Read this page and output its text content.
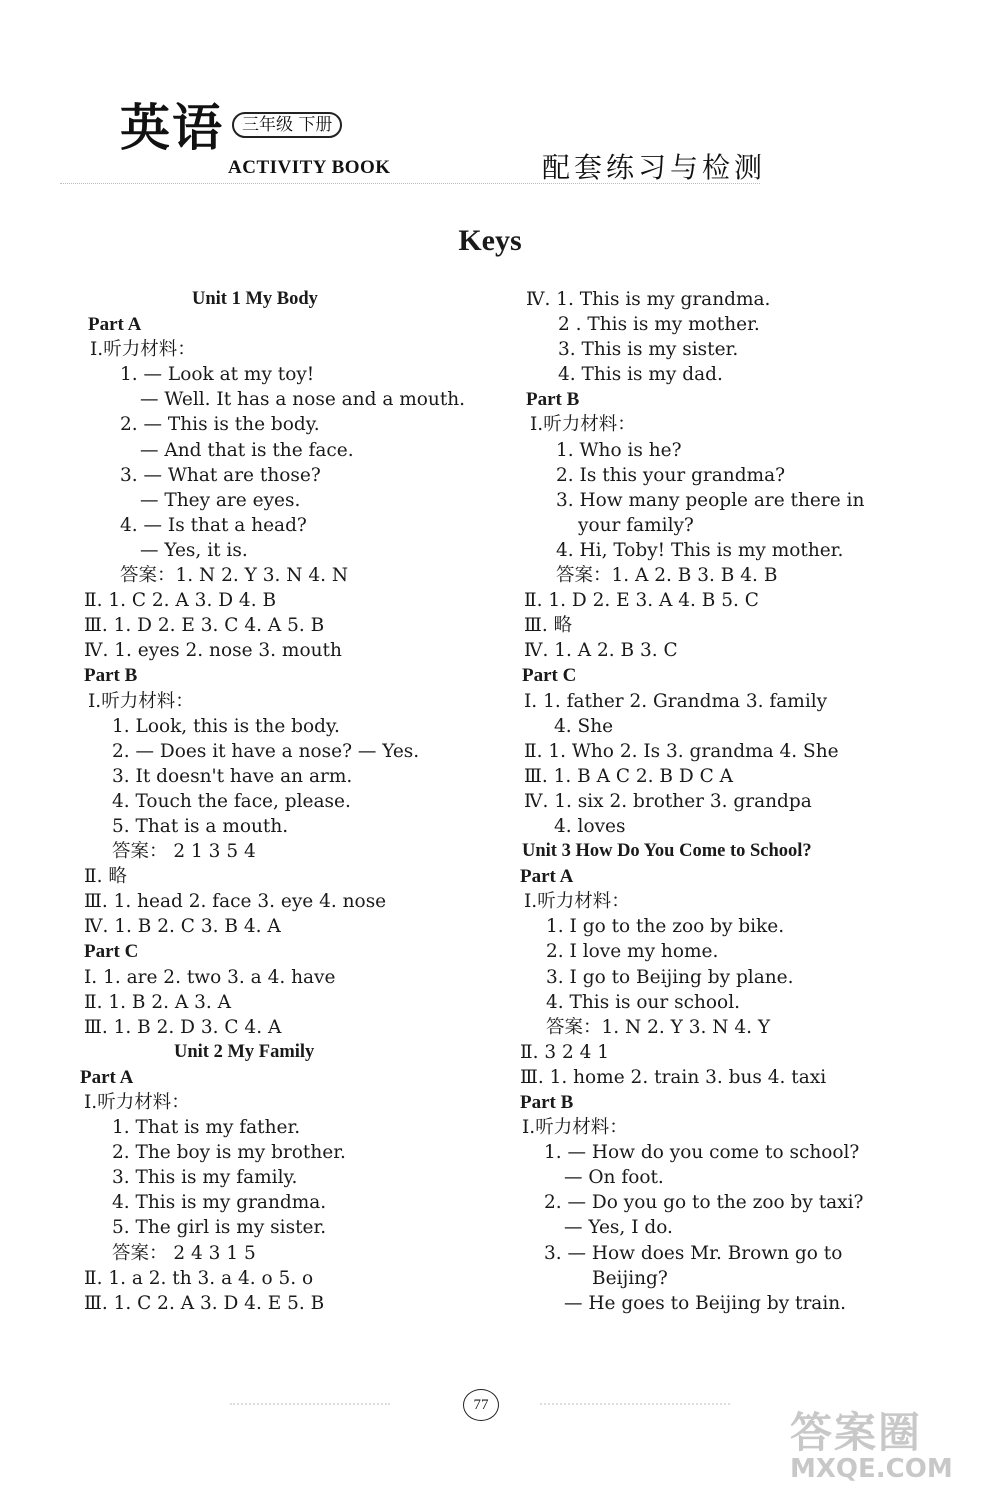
英语	三年级 下册
ACTIVITY BOOK	配套练习与检测
Keys
Unit 1 My Body
Part A
Ⅰ.听力材料：
1. — Look at my toy!
— Well. It has a nose and a mouth.
2. — This is the body.
— And that is the face.
3. — What are those?
— They are eyes.
4. — Is that a head?
— Yes, it is.
答案：1. N 2. Y 3. N 4. N
Ⅱ. 1. C 2. A 3. D 4. B
Ⅲ. 1. D 2. E 3. C 4. A 5. B
Ⅳ. 1. eyes 2. nose 3. mouth
Part B
Ⅰ.听力材料：
1. Look, this is the body.
2. — Does it have a nose? — Yes.
3. It doesn't have an arm.
4. Touch the face, please.
5. That is a mouth.
答案： 2 1 3 5 4
Ⅱ. 略
Ⅲ. 1. head 2. face 3. eye 4. nose
Ⅳ. 1. B 2. C 3. B 4. A
Part C
Ⅰ. 1. are 2. two 3. a 4. have
Ⅱ. 1. B 2. A 3. A
Ⅲ. 1. B 2. D 3. C 4. A
Unit 2 My Family
Part A
Ⅰ.听力材料：
1. That is my father.
2. The boy is my brother.
3. This is my family.
4. This is my grandma.
5. The girl is my sister.
答案： 2 4 3 1 5
Ⅱ. 1. a 2. th 3. a 4. o 5. o
Ⅲ. 1. C 2. A 3. D 4. E 5. B
Ⅳ. 1. This is my grandma.
2 . This is my mother.
3. This is my sister.
4. This is my dad.
Part B
Ⅰ.听力材料：
1. Who is he?
2. Is this your grandma?
3. How many people are there in
your family?
4. Hi, Toby! This is my mother.
答案：1. A 2. B 3. B 4. B
Ⅱ. 1. D 2. E 3. A 4. B 5. C
Ⅲ. 略
Ⅳ. 1. A 2. B 3. C
Part C
Ⅰ. 1. father 2. Grandma 3. family
4. She
Ⅱ. 1. Who 2. Is 3. grandma 4. She
Ⅲ. 1. B A C 2. B D C A
Ⅳ. 1. six 2. brother 3. grandpa
4. loves
Unit 3 How Do You Come to School?
Part A
Ⅰ.听力材料：
1. I go to the zoo by bike.
2. I love my home.
3. I go to Beijing by plane.
4. This is our school.
答案：1. N 2. Y 3. N 4. Y
Ⅱ. 3 2 4 1
Ⅲ. 1. home 2. train 3. bus 4. taxi
Part B
Ⅰ.听力材料：
1. — How do you come to school?
— On foot.
2. — Do you go to the zoo by taxi?
— Yes, I do.
3. — How does Mr. Brown go to
Beijing?
— He goes to Beijing by train.
77
答案圈
MXQE.COM
